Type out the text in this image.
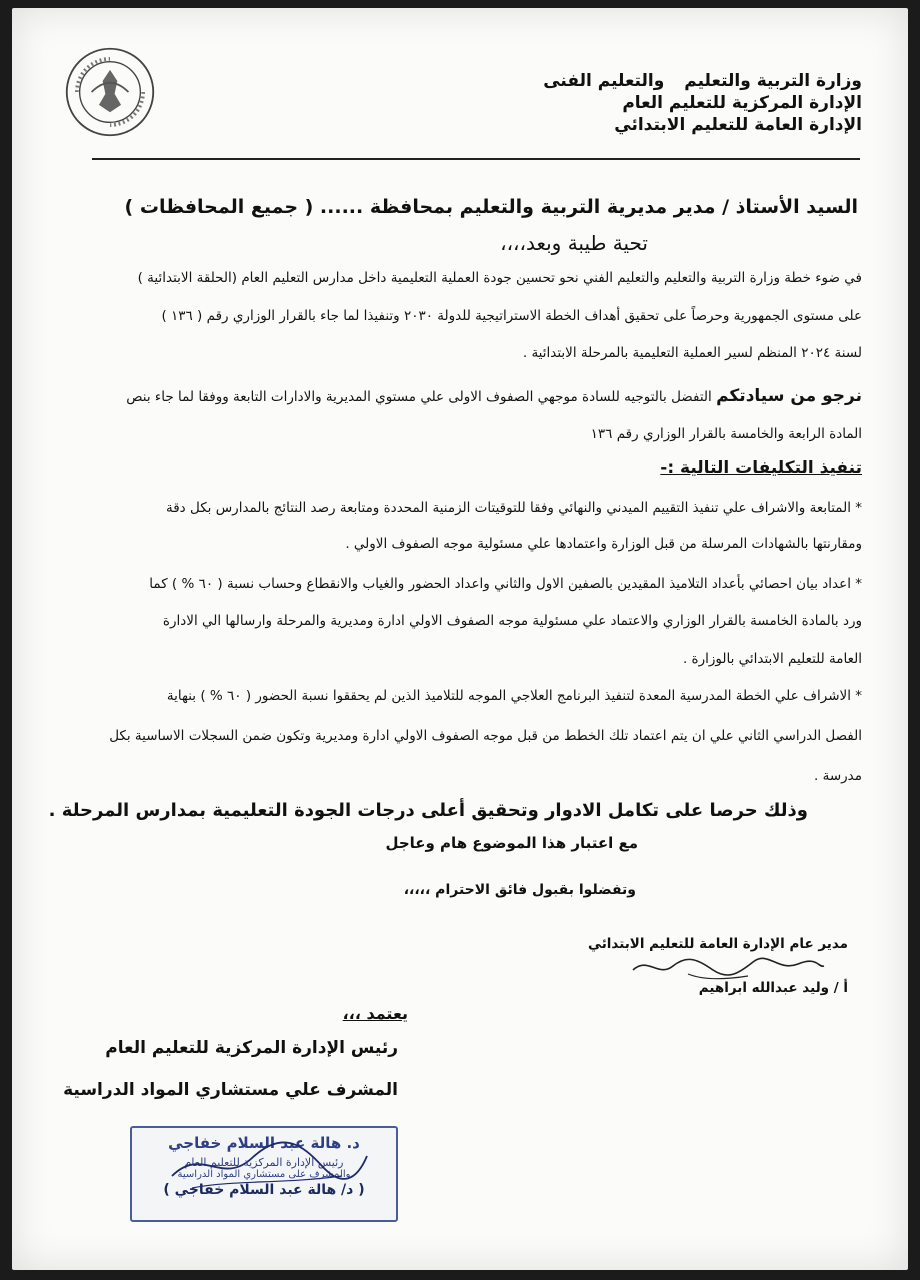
وزارة التربية والتعليموالتعليم الفنى
الإدارة المركزية للتعليم العام
الإدارة العامة للتعليم الابتدائي
السيد الأستاذ / مدير مديرية التربية والتعليم بمحافظة ...... ( جميع المحافظات )
تحية طيبة وبعد،،،،
في ضوء خطة وزارة التربية والتعليم والتعليم الفني نحو تحسين جودة العملية التعليمية داخل مدارس التعليم العام (الحلقة الابتدائية )
على مستوى الجمهورية وحرصاً على تحقيق أهداف الخطة الاستراتيجية للدولة ٢٠٣٠ وتنفيذا لما جاء بالقرار الوزاري رقم ( ١٣٦ )
لسنة ٢٠٢٤ المنظم لسير العملية التعليمية بالمرحلة الابتدائية .
نرجو من سيادتكم التفضل بالتوجيه للسادة موجهي الصفوف الاولى علي مستوي المديرية والادارات التابعة ووفقا لما جاء بنص
المادة الرابعة والخامسة بالقرار الوزاري رقم ١٣٦
تنفيذ التكليفات التالية :-
* المتابعة والاشراف علي تنفيذ التقييم الميدني والنهائي وفقا للتوقيتات الزمنية المحددة ومتابعة رصد النتائج بالمدارس بكل دقة
ومقارنتها بالشهادات المرسلة من قبل الوزارة واعتمادها علي مسئولية موجه الصفوف الاولي .
* اعداد بيان احصائي بأعداد التلاميذ المقيدين بالصفين الاول والثاني واعداد الحضور والغياب والانقطاع وحساب نسبة ( ٦٠ % ) كما
ورد بالمادة الخامسة بالقرار الوزاري والاعتماد علي مسئولية موجه الصفوف الاولي ادارة ومديرية والمرحلة وارسالها الي الادارة
العامة للتعليم الابتدائي بالوزارة .
* الاشراف علي الخطة المدرسية المعدة لتنفيذ البرنامج العلاجي الموجه للتلاميذ الذين لم يحققوا نسبة الحضور ( ٦٠ % ) بنهاية
الفصل الدراسي الثاني علي ان يتم اعتماد تلك الخطط من قبل موجه الصفوف الاولي ادارة ومديرية وتكون ضمن السجلات الاساسية بكل
مدرسة .
وذلك حرصا على تكامل الادوار وتحقيق أعلى درجات الجودة التعليمية بمدارس المرحلة .
مع اعتبار هذا الموضوع هام وعاجل
وتفضلوا بقبول فائق الاحترام ،،،،،
مدير عام الإدارة العامة للتعليم الابتدائي
أ / وليد عبدالله ابراهيم
يعتمد ،،،
رئيس الإدارة المركزية للتعليم العام
المشرف علي مستشاري المواد الدراسية
د. هالة عبد السلام خفاجي
رئيس الإدارة المركزية للتعليم العام
والمشرف على مستشاري المواد الدراسية
( د/ هالة عبد السلام خفاجي )
